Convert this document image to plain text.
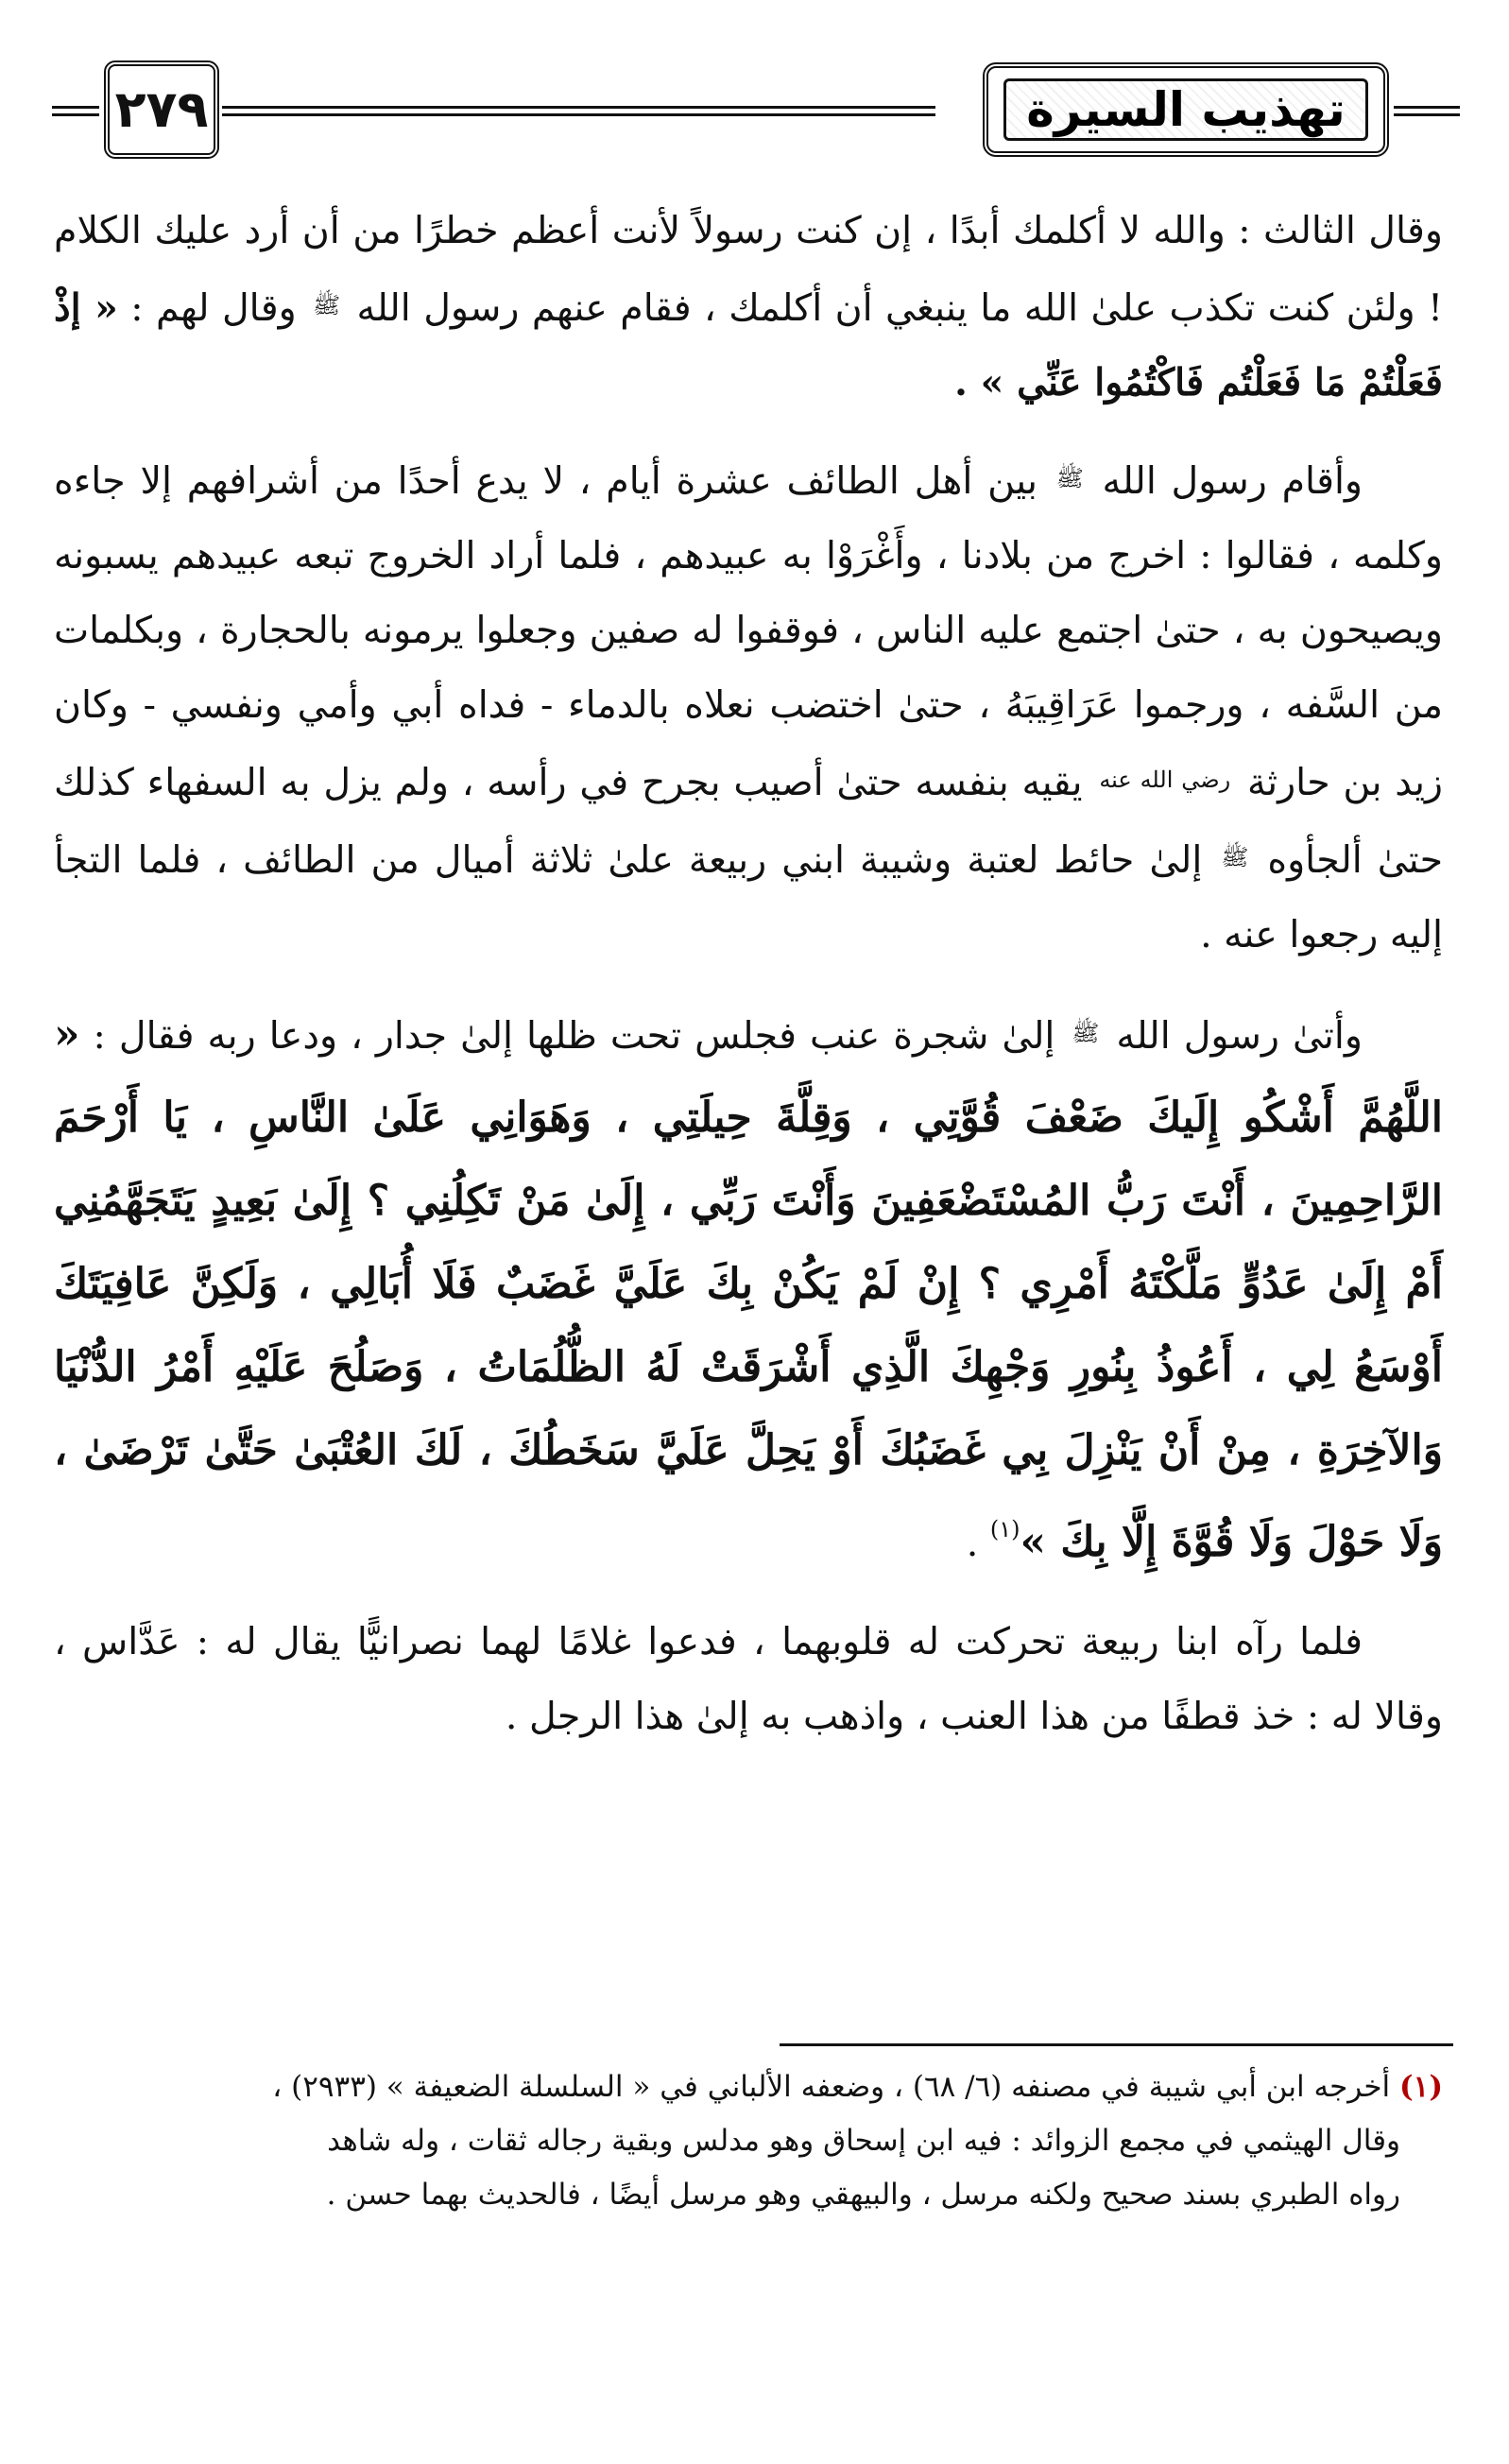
تهذيب السيرة
٢٧٩

وقال الثالث : والله لا أكلمك أبدًا ، إن كنت رسولاً لأنت أعظم خطرًا من أن أرد عليك الكلام ! ولئن كنت تكذب علىٰ الله ما ينبغي أن أكلمك ، فقام عنهم رسول الله $^ﷺ$ وقال لهم : « إذْ فَعَلْتُمْ مَا فَعَلْتُم فَاكْتُمُوا عَنِّي » .

وأقام رسول الله $^ﷺ$ بين أهل الطائف عشرة أيام ، لا يدع أحدًا من أشرافهم إلا جاءه وكلمه ، فقالوا : اخرج من بلادنا ، وأَغْرَوْا به عبيدهم ، فلما أراد الخروج تبعه عبيدهم يسبونه ويصيحون به ، حتىٰ اجتمع عليه الناس ، فوقفوا له صفين وجعلوا يرمونه بالحجارة ، وبكلمات من السَّفه ، ورجموا عَرَاقِيبَهُ ، حتىٰ اختضب نعلاه بالدماء - فداه أبي وأمي ونفسي - وكان زيد بن حارثة $^{رضي الله عنه}$ يقيه بنفسه حتىٰ أصيب بجرح في رأسه ، ولم يزل به السفهاء كذلك حتىٰ ألجأوه $^ﷺ$ إلىٰ حائط لعتبة وشيبة ابني ربيعة علىٰ ثلاثة أميال من الطائف ، فلما التجأ إليه رجعوا عنه .

وأتىٰ رسول الله $^ﷺ$ إلىٰ شجرة عنب فجلس تحت ظلها إلىٰ جدار ، ودعا ربه فقال : « اللَّهُمَّ أَشْكُو إِلَيكَ ضَعْفَ قُوَّتِي ، وَقِلَّةَ حِيلَتِي ، وَهَوَانِي عَلَىٰ النَّاسِ ، يَا أَرْحَمَ الرَّاحِمِينَ ، أَنْتَ رَبُّ المُسْتَضْعَفِينَ وَأَنْتَ رَبِّي ، إِلَىٰ مَنْ تَكِلُنِي ؟ إِلَىٰ بَعِيدٍ يَتَجَهَّمُنِي أَمْ إِلَىٰ عَدُوٍّ مَلَّكْتَهُ أَمْرِي ؟ إِنْ لَمْ يَكُنْ بِكَ عَلَيَّ غَضَبٌ فَلَا أُبَالِي ، وَلَكِنَّ عَافِيَتَكَ أَوْسَعُ لِي ، أَعُوذُ بِنُورِ وَجْهِكَ الَّذِي أَشْرَقَتْ لَهُ الظُّلُمَاتُ ، وَصَلُحَ عَلَيْهِ أَمْرُ الدُّنْيَا وَالآخِرَةِ ، مِنْ أَنْ يَنْزِلَ بِي غَضَبُكَ أَوْ يَحِلَّ عَلَيَّ سَخَطُكَ ، لَكَ العُتْبَىٰ حَتَّىٰ تَرْضَىٰ ، وَلَا حَوْلَ وَلَا قُوَّةَ إِلَّا بِكَ »$^{(١)}$ .

فلما رآه ابنا ربيعة تحركت له قلوبهما ، فدعوا غلامًا لهما نصرانيًّا يقال له : عَدَّاس ، وقالا له : خذ قطفًا من هذا العنب ، واذهب به إلىٰ هذا الرجل .

(١) أخرجه ابن أبي شيبة في مصنفه (٦/ ٦٨) ، وضعفه الألباني في « السلسلة الضعيفة » (٢٩٣٣) ،

وقال الهيثمي في مجمع الزوائد : فيه ابن إسحاق وهو مدلس وبقية رجاله ثقات ، وله شاهد

رواه الطبري بسند صحيح ولكنه مرسل ، والبيهقي وهو مرسل أيضًا ، فالحديث بهما حسن .
